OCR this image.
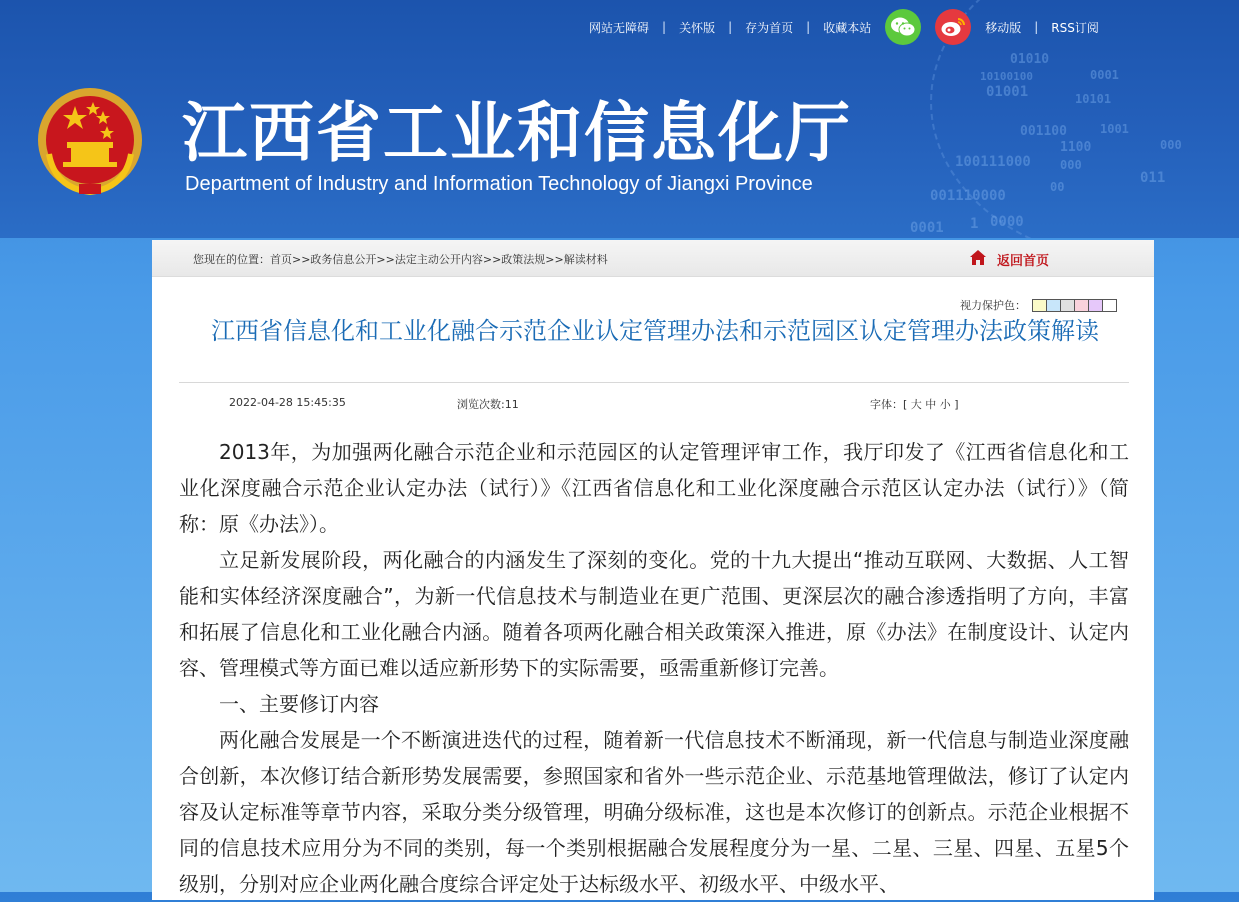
01010
10100100	0001
01001	10101
001100	1001
1100	000
100111000 000
001110000
00
1
0001	0000
011
网站无障碍 | 关怀版 | 存为首页 | 收藏本站	移动版 | RSS订阅
江西省工业和信息化厅
Department of Industry and Information Technology of Jiangxi Province
您现在的位置：首页>>政务信息公开>>法定主动公开内容>>政策法规>>解读材料	返回首页
视力保护色：
江西省信息化和工业化融合示范企业认定管理办法和示范园区认定管理办法政策解读
2022-04-28 15:45:35	浏览次数:11	字体：[ 大 中 小 ]

2013年，为加强两化融合示范企业和示范园区的认定管理评审工作，我厅印发了《江西省信息化和工业化深度融合示范企业认定办法（试行）》《江西省信息化和工业化深度融合示范区认定办法（试行）》（简称：原《办法》）。

立足新发展阶段，两化融合的内涵发生了深刻的变化。党的十九大提出“推动互联网、大数据、人工智能和实体经济深度融合”，为新一代信息技术与制造业在更广范围、更深层次的融合渗透指明了方向，丰富和拓展了信息化和工业化融合内涵。随着各项两化融合相关政策深入推进，原《办法》在制度设计、认定内容、管理模式等方面已难以适应新形势下的实际需要，亟需重新修订完善。

一、主要修订内容

两化融合发展是一个不断演进迭代的过程，随着新一代信息技术不断涌现，新一代信息与制造业深度融合创新，本次修订结合新形势发展需要，参照国家和省外一些示范企业、示范基地管理做法，修订了认定内容及认定标准等章节内容，采取分类分级管理，明确分级标准，这也是本次修订的创新点。示范企业根据不同的信息技术应用分为不同的类别，每一个类别根据融合发展程度分为一星、二星、三星、四星、五星5个级别，分别对应企业两化融合度综合评定处于达标级水平、初级水平、中级水平、
